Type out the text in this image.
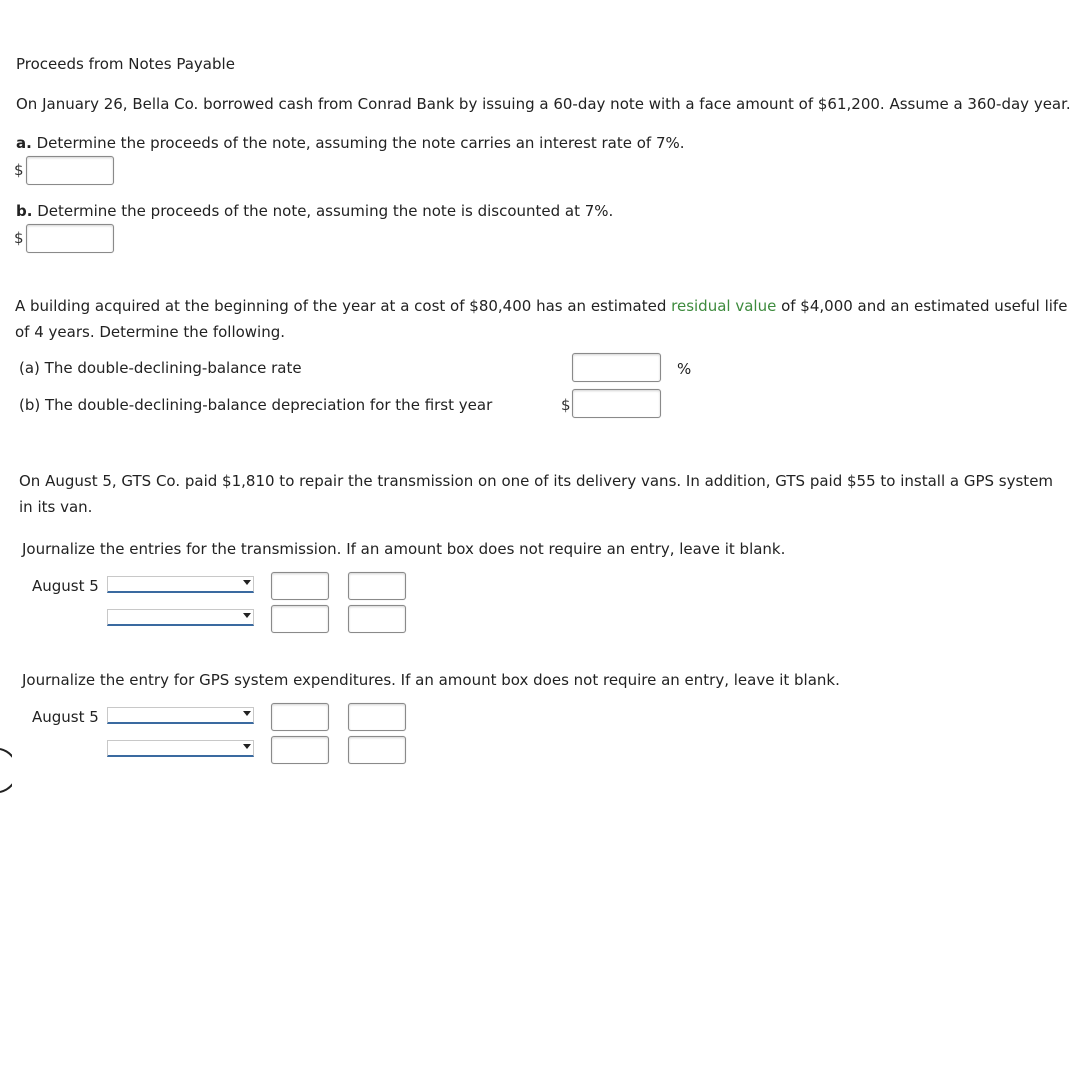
Proceeds from Notes Payable
On January 26, Bella Co. borrowed cash from Conrad Bank by issuing a 60-day note with a face amount of $61,200. Assume a 360-day year.
a. Determine the proceeds of the note, assuming the note carries an interest rate of 7%.
$
b. Determine the proceeds of the note, assuming the note is discounted at 7%.
$
A building acquired at the beginning of the year at a cost of $80,400 has an estimated residual value of $4,000 and an estimated useful life of 4 years. Determine the following.
(a) The double-declining-balance rate	%
(b) The double-declining-balance depreciation for the first year	$
On August 5, GTS Co. paid $1,810 to repair the transmission on one of its delivery vans. In addition, GTS paid $55 to install a GPS system in its van.
Journalize the entries for the transmission. If an amount box does not require an entry, leave it blank.
August 5
Journalize the entry for GPS system expenditures. If an amount box does not require an entry, leave it blank.
August 5
